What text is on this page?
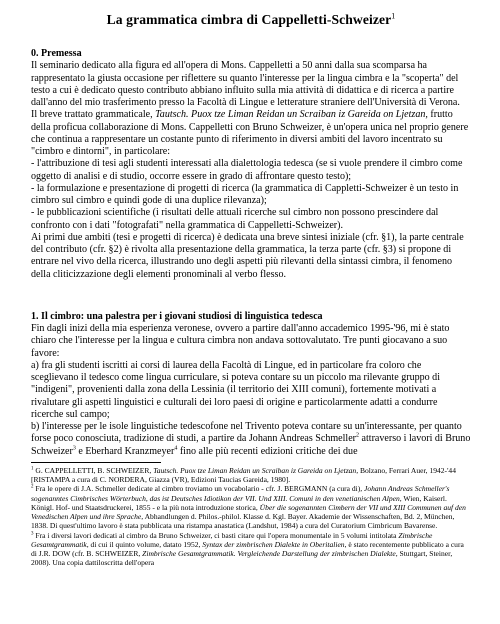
La grammatica cimbra di Cappelletti-Schweizer$^1$

0. Premessa

Il seminario dedicato alla figura ed all'opera di Mons. Cappelletti a 50 anni dalla sua scomparsa ha rappresentato la giusta occasione per riflettere su quanto l'interesse per la lingua cimbra e la "scoperta" del testo a cui è dedicato questo contributo abbiano influito sulla mia attività di didattica e di ricerca a partire dall'anno del mio trasferimento presso la Facoltà di Lingue e letterature straniere dell'Università di Verona.

Il breve trattato grammaticale, Tautsch. Puox tze Liman Reidan un Scraiban iz Gareida on Ljetzan, frutto della proficua collaborazione di Mons. Cappelletti con Bruno Schweizer, è un'opera unica nel proprio genere che continua a rappresentare un costante punto di riferimento in diversi ambiti del lavoro incentrato su "cimbro e dintorni", in particolare:

- l'attribuzione di tesi agli studenti interessati alla dialettologia tedesca (se si vuole prendere il cimbro come oggetto di analisi e di studio, occorre essere in grado di affrontare questo testo);

- la formulazione e presentazione di progetti di ricerca (la grammatica di Cappletti-Schweizer è un testo in cimbro sul cimbro e quindi gode di una duplice rilevanza);

- le pubblicazioni scientifiche (i risultati delle attuali ricerche sul cimbro non possono prescindere dal confronto con i dati "fotografati" nella grammatica di Cappelletti-Schweizer).

Ai primi due ambiti (tesi e progetti di ricerca) è dedicata una breve sintesi iniziale (cfr. §1), la parte centrale del contributo (cfr. §2) è rivolta alla presentazione della grammatica, la terza parte (cfr. §3) si propone di entrare nel vivo della ricerca, illustrando uno degli aspetti più rilevanti della sintassi cimbra, il fenomeno della cliticizzazione degli elementi pronominali al verbo flesso.

1. Il cimbro: una palestra per i giovani studiosi di linguistica tedesca

Fin dagli inizi della mia esperienza veronese, ovvero a partire dall'anno accademico 1995-'96, mi è stato chiaro che l'interesse per la lingua e cultura cimbra non andava sottovalutato. Tre punti giocavano a suo favore:

a) fra gli studenti iscritti ai corsi di laurea della Facoltà di Lingue, ed in particolare fra coloro che sceglievano il tedesco come lingua curriculare, si poteva contare su un piccolo ma rilevante gruppo di "indigeni", provenienti dalla zona della Lessinia (il territorio dei XIII comuni), fortemente motivati a rivalutare gli aspetti linguistici e culturali dei loro paesi di origine e particolarmente adatti a condurre ricerche sul campo;

b) l'interesse per le isole linguistiche tedescofone nel Trivento poteva contare su un'interessante, per quanto forse poco conosciuta, tradizione di studi, a partire da Johann Andreas Schmeller$^2$ attraverso i lavori di Bruno Schweizer$^3$ e Eberhard Kranzmeyer$^4$ fino alle più recenti edizioni critiche dei due

$^1$ G. CAPPELLETTI, B. SCHWEIZER, Tautsch. Puox tze Liman Reidan un Scraiban iz Gareida on Ljetzan, Bolzano, Ferrari Auer, 1942-'44 [RISTAMPA a cura di C. NORDERA, Giazza (VR), Edizioni Taucias Gareida, 1980].

$^2$ Fra le opere di J.A. Schmeller dedicate al cimbro troviamo un vocabolario - cfr. J. BERGMANN (a cura di), Johann Andreas Schmeller's sogenanntes Cimbrisches Wörterbuch, das ist Deutsches Idiotikon der VII. Und XIII. Comuni in den venetianischen Alpen, Wien, Kaiserl. Königl. Hof- und Staatsdruckerei, 1855 - e la più nota introduzione storica, Über die sogenannten Cimbern der VII und XIII Communen auf den Venedischen Alpen und ihre Sprache, Abhandlungen d. Philos.-philol. Klasse d. Kgl. Bayer. Akademie der Wissenschaften, Bd. 2, München, 1838. Di quest'ultimo lavoro è stata pubblicata una ristampa anastatica (Landshut, 1984) a cura del Curatorium Cimbricum Bavarense.

$^3$ Fra i diversi lavori dedicati al cimbro da Bruno Schweizer, ci basti citare qui l'opera monumentale in 5 volumi intitolata Zimbrische Gesamtgrammatik, di cui il quinto volume, datato 1952, Syntax der zimbrischen Dialekte in Oberitalien, è stato recentemente pubblicato a cura di J.R. DOW (cfr. B. SCHWEIZER, Zimbrische Gesamtgrammatik. Vergleichende Darstellung der zimbrischen Dialekte, Stuttgart, Steiner, 2008). Una copia dattiloscritta dell'opera
